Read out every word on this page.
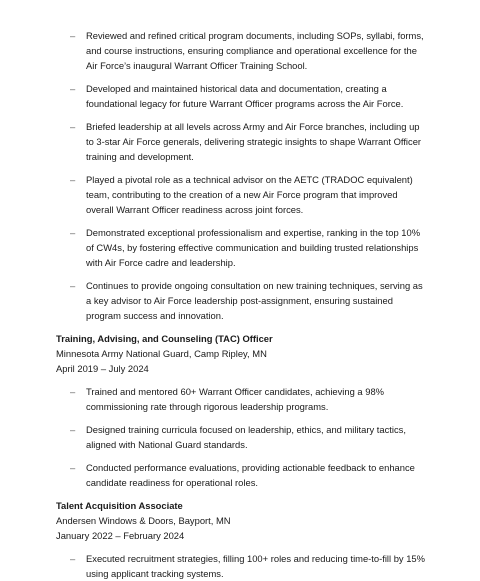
– Reviewed and refined critical program documents, including SOPs, syllabi, forms, and course instructions, ensuring compliance and operational excellence for the Air Force’s inaugural Warrant Officer Training School.
– Developed and maintained historical data and documentation, creating a foundational legacy for future Warrant Officer programs across the Air Force.
– Briefed leadership at all levels across Army and Air Force branches, including up to 3-star Air Force generals, delivering strategic insights to shape Warrant Officer training and development.
– Played a pivotal role as a technical advisor on the AETC (TRADOC equivalent) team, contributing to the creation of a new Air Force program that improved overall Warrant Officer readiness across joint forces.
– Demonstrated exceptional professionalism and expertise, ranking in the top 10% of CW4s, by fostering effective communication and building trusted relationships with Air Force cadre and leadership.
– Continues to provide ongoing consultation on new training techniques, serving as a key advisor to Air Force leadership post-assignment, ensuring sustained program success and innovation.
Training, Advising, and Counseling (TAC) Officer
Minnesota Army National Guard, Camp Ripley, MN
April 2019 – July 2024
– Trained and mentored 60+ Warrant Officer candidates, achieving a 98% commissioning rate through rigorous leadership programs.
– Designed training curricula focused on leadership, ethics, and military tactics, aligned with National Guard standards.
– Conducted performance evaluations, providing actionable feedback to enhance candidate readiness for operational roles.
Talent Acquisition Associate
Andersen Windows & Doors, Bayport, MN
January 2022 – February 2024
– Executed recruitment strategies, filling 100+ roles and reducing time-to-fill by 15% using applicant tracking systems.
